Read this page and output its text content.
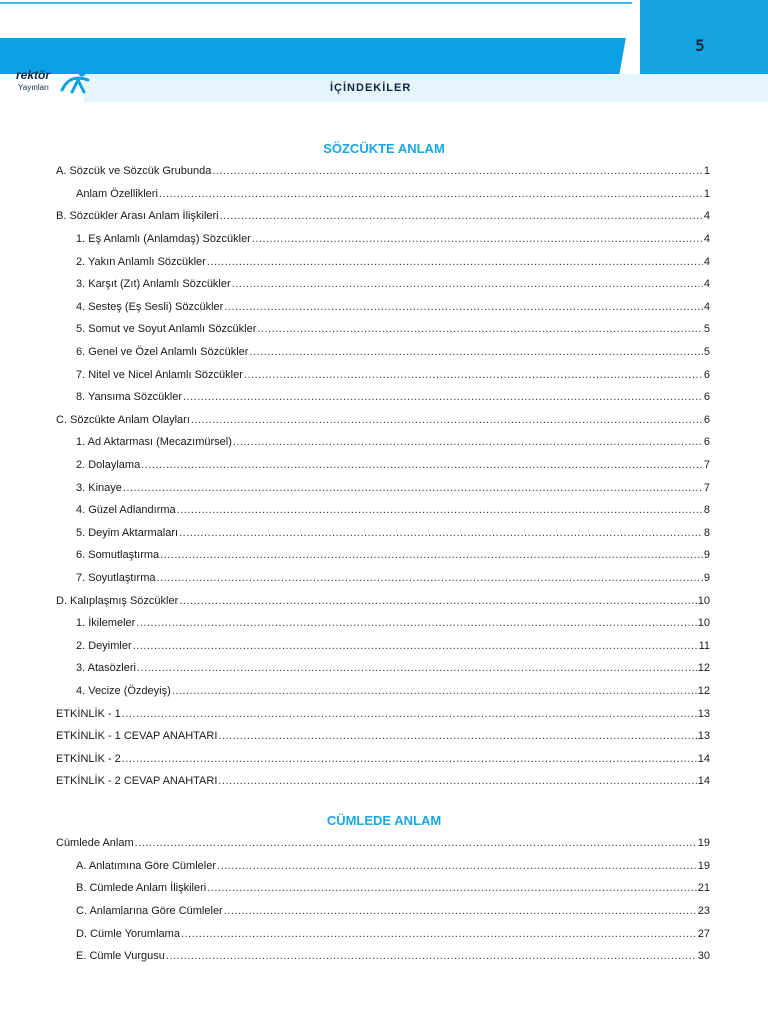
5
rektör
Yayınları	İÇİNDEKİLER
SÖZCÜKTE ANLAM
A. Sözcük ve Sözcük Grubunda .....	1
Anlam Özellikleri .....	1
B. Sözcükler Arası Anlam İlişkileri .....	4
1. Eş Anlamlı (Anlamdaş) Sözcükler .....	4
2. Yakın Anlamlı Sözcükler .....	4
3. Karşıt (Zıt) Anlamlı Sözcükler .....	4
4. Sesteş (Eş Sesli) Sözcükler .....	4
5. Somut ve Soyut Anlamlı Sözcükler .....	5
6. Genel ve Özel Anlamlı Sözcükler .....	5
7. Nitel ve Nicel Anlamlı Sözcükler .....	6
8. Yansıma Sözcükler .....	6
C. Sözcükte Anlam Olayları .....	6
1. Ad Aktarması (Mecazımürsel) .....	6
2. Dolaylama .....	7
3. Kinaye .....	7
4. Güzel Adlandırma .....	8
5. Deyim Aktarmaları .....	8
6. Somutlaştırma .....	9
7. Soyutlaştırma .....	9
D. Kalıplaşmış Sözcükler .....	10
1. İkilemeler .....	10
2. Deyimler .....	11
3. Atasözleri .....	12
4. Vecize (Özdeyiş) .....	12
ETKİNLİK - 1 .....	13
ETKİNLİK - 1 CEVAP ANAHTARI .....	13
ETKİNLİK - 2 .....	14
ETKİNLİK - 2 CEVAP ANAHTARI .....	14
CÜMLEDE ANLAM
Cümlede Anlam .....	19
A. Anlatımına Göre Cümleler .....	19
B. Cümlede Anlam İlişkileri .....	21
C. Anlamlarına Göre Cümleler .....	23
D. Cümle Yorumlama .....	27
E. Cümle Vurgusu .....	30
